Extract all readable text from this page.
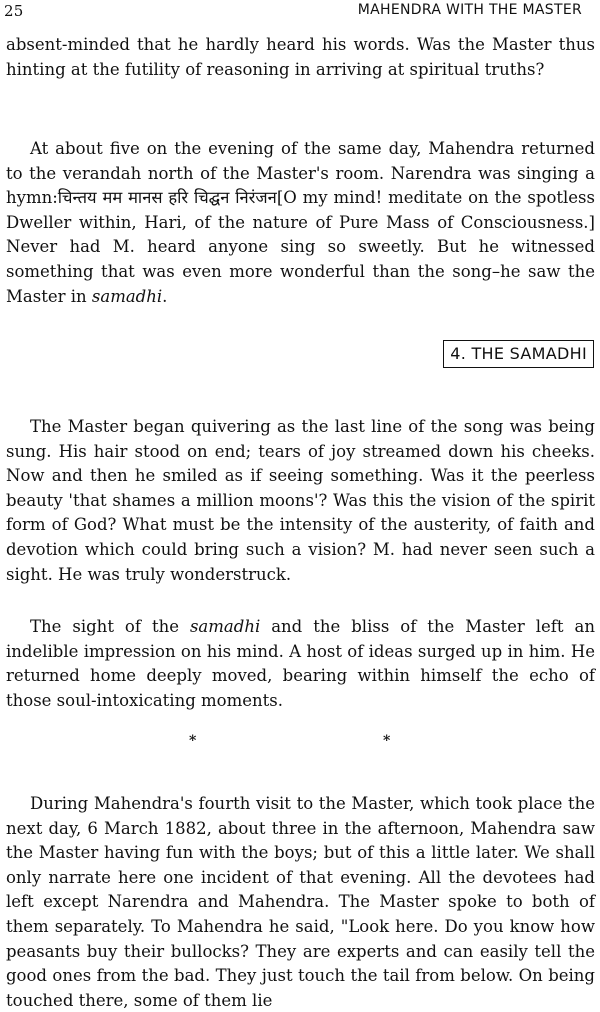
25	MAHENDRA WITH THE MASTER

absent-minded that he hardly heard his words. Was the Master thus hinting at the futility of reasoning in arriving at spiritual truths?

At about five on the evening of the same day, Mahendra returned to the verandah north of the Master's room. Narendra was singing a hymn:चिन्तय मम मानस हरि चिद्घन निरंजन[O my mind! meditate on the spotless Dweller within, Hari, of the nature of Pure Mass of Consciousness.] Never had M. heard anyone sing so sweetly. But he witnessed something that was even more wonderful than the song–he saw the Master in samadhi.

4. THE SAMADHI

The Master began quivering as the last line of the song was being sung. His hair stood on end; tears of joy streamed down his cheeks. Now and then he smiled as if seeing something. Was it the peerless beauty 'that shames a million moons'? Was this the vision of the spirit form of God? What must be the intensity of the austerity, of faith and devotion which could bring such a vision? M. had never seen such a sight. He was truly wonderstruck.

The sight of the samadhi and the bliss of the Master left an indelible impression on his mind. A host of ideas surged up in him. He returned home deeply moved, bearing within himself the echo of those soul-intoxicating moments.

*	*

During Mahendra's fourth visit to the Master, which took place the next day, 6 March 1882, about three in the afternoon, Mahendra saw the Master having fun with the boys; but of this a little later. We shall only narrate here one incident of that evening. All the devotees had left except Narendra and Mahendra. The Master spoke to both of them separately. To Mahendra he said, "Look here. Do you know how peasants buy their bullocks? They are experts and can easily tell the good ones from the bad. They just touch the tail from below. On being touched there, some of them lie
